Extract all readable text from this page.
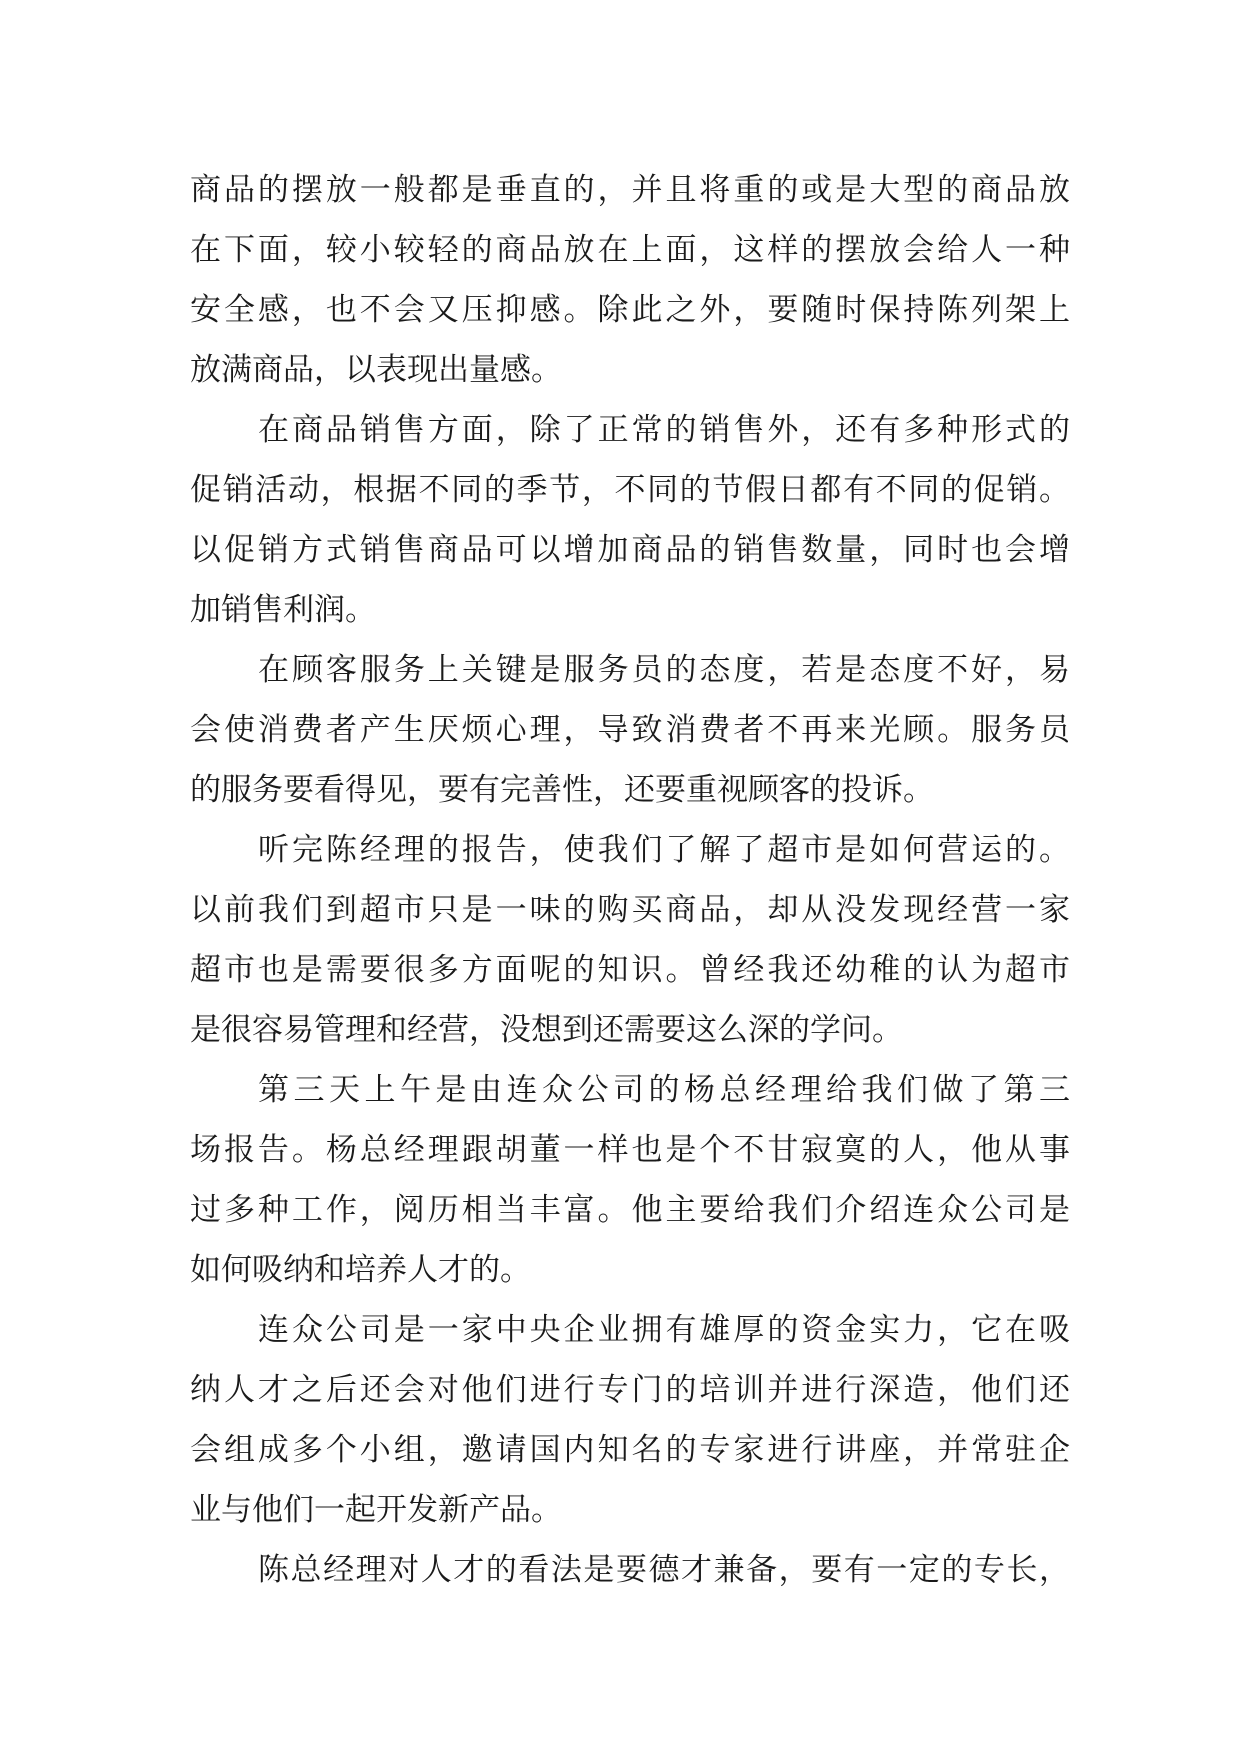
商品的摆放一般都是垂直的，并且将重的或是大型的商品放
在下面，较小较轻的商品放在上面，这样的摆放会给人一种
安全感，也不会又压抑感。除此之外，要随时保持陈列架上
放满商品，以表现出量感。
在商品销售方面，除了正常的销售外，还有多种形式的
促销活动，根据不同的季节，不同的节假日都有不同的促销。
以促销方式销售商品可以增加商品的销售数量，同时也会增
加销售利润。
在顾客服务上关键是服务员的态度，若是态度不好，易
会使消费者产生厌烦心理，导致消费者不再来光顾。服务员
的服务要看得见，要有完善性，还要重视顾客的投诉。
听完陈经理的报告，使我们了解了超市是如何营运的。
以前我们到超市只是一味的购买商品，却从没发现经营一家
超市也是需要很多方面呢的知识。曾经我还幼稚的认为超市
是很容易管理和经营，没想到还需要这么深的学问。
第三天上午是由连众公司的杨总经理给我们做了第三
场报告。杨总经理跟胡董一样也是个不甘寂寞的人，他从事
过多种工作，阅历相当丰富。他主要给我们介绍连众公司是
如何吸纳和培养人才的。
连众公司是一家中央企业拥有雄厚的资金实力，它在吸
纳人才之后还会对他们进行专门的培训并进行深造，他们还
会组成多个小组，邀请国内知名的专家进行讲座，并常驻企
业与他们一起开发新产品。
陈总经理对人才的看法是要德才兼备，要有一定的专长，
